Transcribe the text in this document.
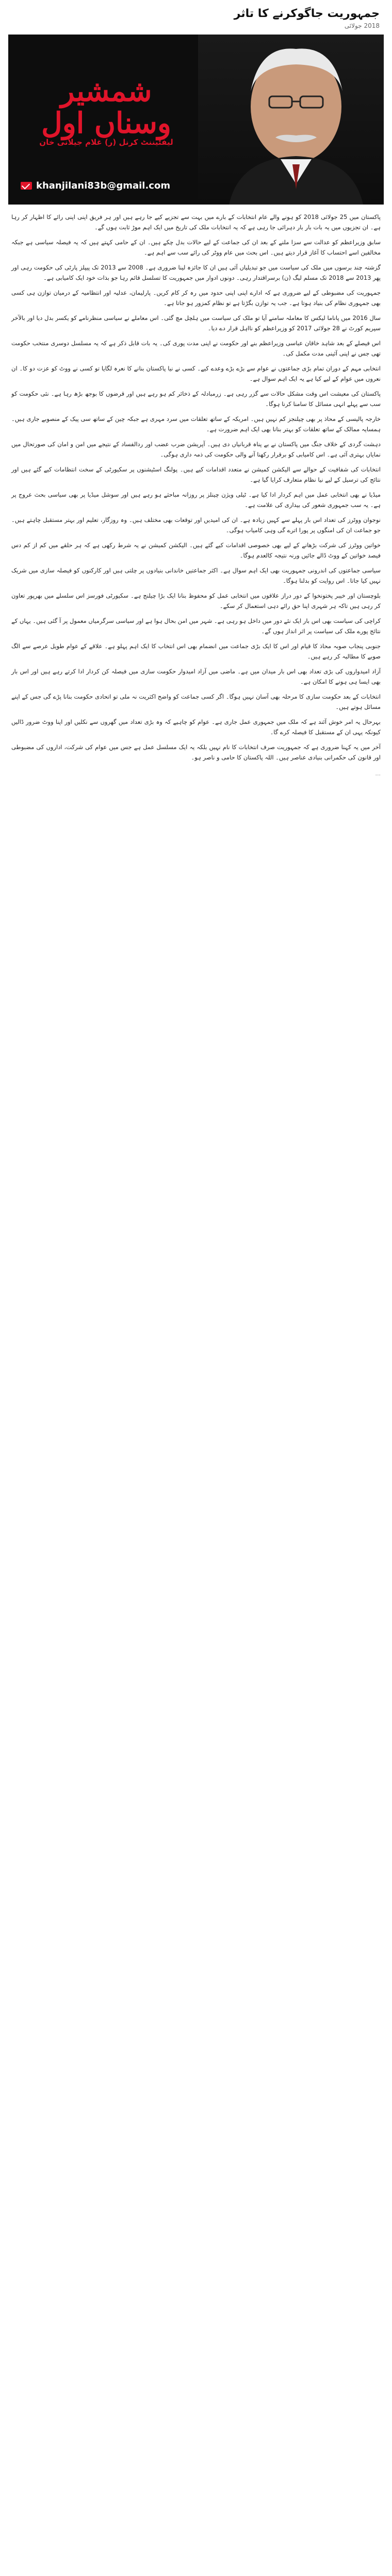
جمہوریت جاگوکرنے کا تاثر
2018 جولائی
شمشیر وسناں اول
لیفٹیننٹ کرنل (ر) غلام جیلانی خان
khanjilani83b@gmail.com

پاکستان میں 25 جولائی 2018 کو ہونے والے عام انتخابات کے بارے میں بہت سے تجزیے کیے جا رہے ہیں اور ہر فریق اپنی اپنی رائے کا اظہار کر رہا ہے۔ ان تجزیوں میں یہ بات بار بار دہرائی جا رہی ہے کہ یہ انتخابات ملک کی تاریخ میں ایک اہم موڑ ثابت ہوں گے۔

سابق وزیراعظم کو عدالت سے سزا ملنے کے بعد ان کی جماعت کے لیے حالات بدل چکے ہیں۔ ان کے حامی کہتے ہیں کہ یہ فیصلہ سیاسی ہے جبکہ مخالفین اسے احتساب کا آغاز قرار دیتے ہیں۔ اس بحث میں عام ووٹر کی رائے سب سے اہم ہے۔

گزشتہ چند برسوں میں ملک کی سیاست میں جو تبدیلیاں آئی ہیں ان کا جائزہ لینا ضروری ہے۔ 2008 سے 2013 تک پیپلز پارٹی کی حکومت رہی اور پھر 2013 سے 2018 تک مسلم لیگ (ن) برسراقتدار رہی۔ دونوں ادوار میں جمہوریت کا تسلسل قائم رہا جو بذات خود ایک کامیابی ہے۔

جمہوریت کی مضبوطی کے لیے ضروری ہے کہ ادارے اپنی اپنی حدود میں رہ کر کام کریں۔ پارلیمان، عدلیہ اور انتظامیہ کے درمیان توازن ہی کسی بھی جمہوری نظام کی بنیاد ہوتا ہے۔ جب یہ توازن بگڑتا ہے تو نظام کمزور ہو جاتا ہے۔

سال 2016 میں پاناما لیکس کا معاملہ سامنے آیا تو ملک کی سیاست میں ہلچل مچ گئی۔ اس معاملے نے سیاسی منظرنامے کو یکسر بدل دیا اور بالآخر سپریم کورٹ نے 28 جولائی 2017 کو وزیراعظم کو نااہل قرار دے دیا۔

اس فیصلے کے بعد شاہد خاقان عباسی وزیراعظم بنے اور حکومت نے اپنی مدت پوری کی۔ یہ بات قابل ذکر ہے کہ یہ مسلسل دوسری منتخب حکومت تھی جس نے اپنی آئینی مدت مکمل کی۔

انتخابی مہم کے دوران تمام بڑی جماعتوں نے عوام سے بڑے بڑے وعدے کیے۔ کسی نے نیا پاکستان بنانے کا نعرہ لگایا تو کسی نے ووٹ کو عزت دو کا۔ ان نعروں میں عوام کے لیے کیا ہے یہ ایک اہم سوال ہے۔

پاکستان کی معیشت اس وقت مشکل حالات سے گزر رہی ہے۔ زرمبادلہ کے ذخائر کم ہو رہے ہیں اور قرضوں کا بوجھ بڑھ رہا ہے۔ نئی حکومت کو سب سے پہلے انہی مسائل کا سامنا کرنا ہوگا۔

خارجہ پالیسی کے محاذ پر بھی چیلنجز کم نہیں ہیں۔ امریکہ کے ساتھ تعلقات میں سرد مہری ہے جبکہ چین کے ساتھ سی پیک کے منصوبے جاری ہیں۔ ہمسایہ ممالک کے ساتھ تعلقات کو بہتر بنانا بھی ایک اہم ضرورت ہے۔

دہشت گردی کے خلاف جنگ میں پاکستان نے بے پناہ قربانیاں دی ہیں۔ آپریشن ضرب عضب اور ردالفساد کے نتیجے میں امن و امان کی صورتحال میں نمایاں بہتری آئی ہے۔ اس کامیابی کو برقرار رکھنا آنے والی حکومت کی ذمہ داری ہوگی۔

انتخابات کی شفافیت کے حوالے سے الیکشن کمیشن نے متعدد اقدامات کیے ہیں۔ پولنگ اسٹیشنوں پر سکیورٹی کے سخت انتظامات کیے گئے ہیں اور نتائج کی ترسیل کے لیے نیا نظام متعارف کرایا گیا ہے۔

میڈیا نے بھی انتخابی عمل میں اہم کردار ادا کیا ہے۔ ٹیلی ویژن چینلز پر روزانہ مباحثے ہو رہے ہیں اور سوشل میڈیا پر بھی سیاسی بحث عروج پر ہے۔ یہ سب جمہوری شعور کی بیداری کی علامت ہے۔

نوجوان ووٹرز کی تعداد اس بار پہلے سے کہیں زیادہ ہے۔ ان کی امیدیں اور توقعات بھی مختلف ہیں۔ وہ روزگار، تعلیم اور بہتر مستقبل چاہتے ہیں۔ جو جماعت ان کی امنگوں پر پورا اترے گی وہی کامیاب ہوگی۔

خواتین ووٹرز کی شرکت بڑھانے کے لیے بھی خصوصی اقدامات کیے گئے ہیں۔ الیکشن کمیشن نے یہ شرط رکھی ہے کہ ہر حلقے میں کم از کم دس فیصد خواتین کے ووٹ ڈالے جائیں ورنہ نتیجہ کالعدم ہوگا۔

سیاسی جماعتوں کی اندرونی جمہوریت بھی ایک اہم سوال ہے۔ اکثر جماعتیں خاندانی بنیادوں پر چلتی ہیں اور کارکنوں کو فیصلہ سازی میں شریک نہیں کیا جاتا۔ اس روایت کو بدلنا ہوگا۔

بلوچستان اور خیبر پختونخوا کے دور دراز علاقوں میں انتخابی عمل کو محفوظ بنانا ایک بڑا چیلنج ہے۔ سکیورٹی فورسز اس سلسلے میں بھرپور تعاون کر رہی ہیں تاکہ ہر شہری اپنا حق رائے دہی استعمال کر سکے۔

کراچی کی سیاست بھی اس بار ایک نئے دور میں داخل ہو رہی ہے۔ شہر میں امن بحال ہوا ہے اور سیاسی سرگرمیاں معمول پر آ گئی ہیں۔ یہاں کے نتائج پورے ملک کی سیاست پر اثر انداز ہوں گے۔

جنوبی پنجاب صوبہ محاذ کا قیام اور اس کا ایک بڑی جماعت میں انضمام بھی اس انتخاب کا ایک اہم پہلو ہے۔ علاقے کے عوام طویل عرصے سے الگ صوبے کا مطالبہ کر رہے ہیں۔

آزاد امیدواروں کی بڑی تعداد بھی اس بار میدان میں ہے۔ ماضی میں آزاد امیدوار حکومت سازی میں فیصلہ کن کردار ادا کرتے رہے ہیں اور اس بار بھی ایسا ہی ہونے کا امکان ہے۔

انتخابات کے بعد حکومت سازی کا مرحلہ بھی آسان نہیں ہوگا۔ اگر کسی جماعت کو واضح اکثریت نہ ملی تو اتحادی حکومت بنانا پڑے گی جس کے اپنے مسائل ہوتے ہیں۔

بہرحال یہ امر خوش آئند ہے کہ ملک میں جمہوری عمل جاری ہے۔ عوام کو چاہیے کہ وہ بڑی تعداد میں گھروں سے نکلیں اور اپنا ووٹ ضرور ڈالیں کیونکہ یہی ان کے مستقبل کا فیصلہ کرے گا۔

آخر میں یہ کہنا ضروری ہے کہ جمہوریت صرف انتخابات کا نام نہیں بلکہ یہ ایک مسلسل عمل ہے جس میں عوام کی شرکت، اداروں کی مضبوطی اور قانون کی حکمرانی بنیادی عناصر ہیں۔ اللہ پاکستان کا حامی و ناصر ہو۔

...
